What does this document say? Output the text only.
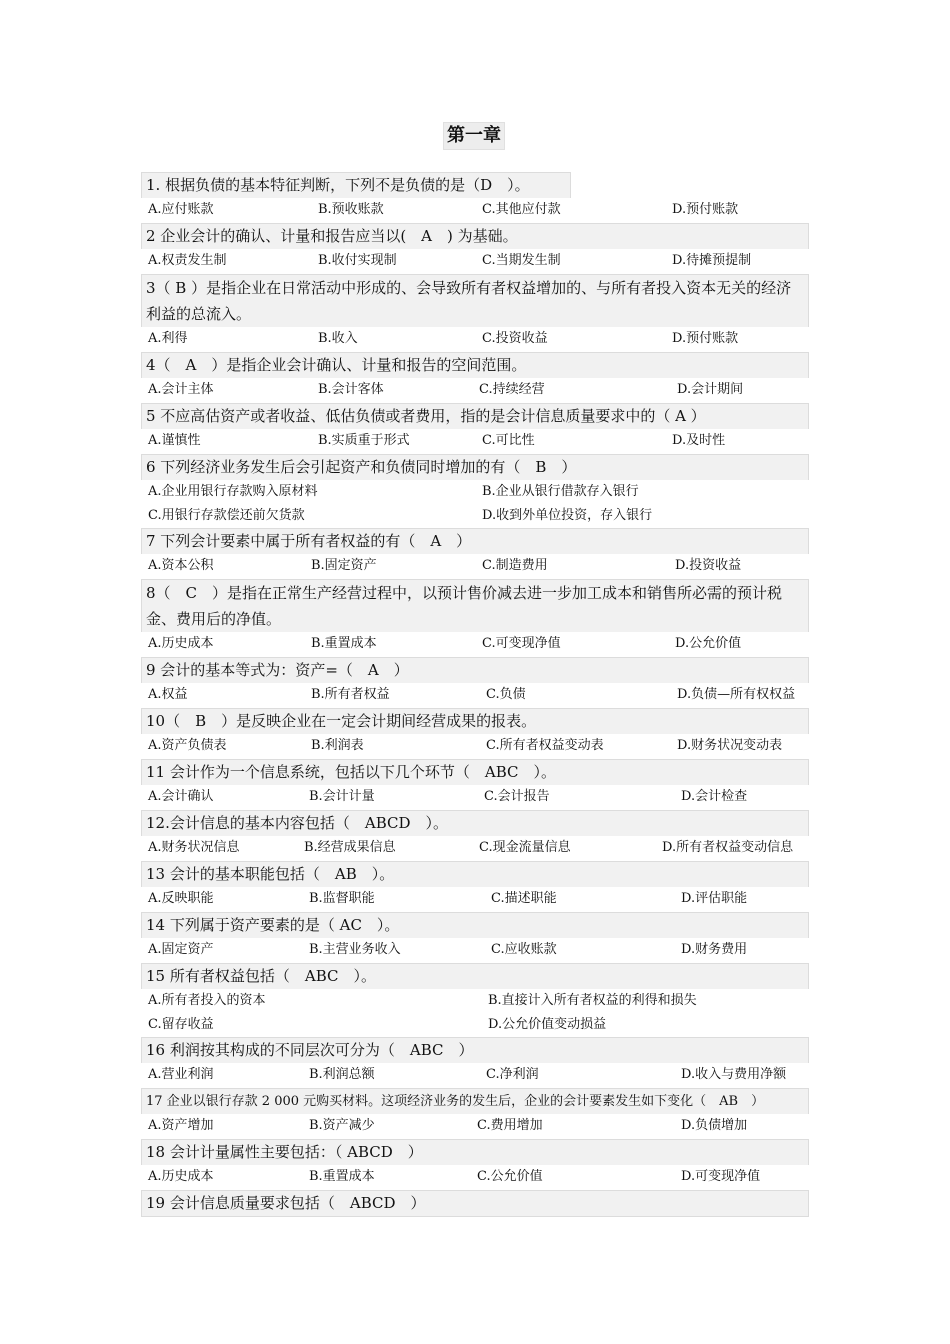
第一章
1. 根据负债的基本特征判断，下列不是负债的是（D　）。
A.应付账款	B.预收账款	C.其他应付款	D.预付账款
2 企业会计的确认、计量和报告应当以(　A　) 为基础。
A.权责发生制	B.收付实现制	C.当期发生制	D.待摊预提制
3（ B ）是指企业在日常活动中形成的、会导致所有者权益增加的、与所有者投入资本无关的经济利益的总流入。
A.利得	B.收入	C.投资收益	D.预付账款
4（　A　）是指企业会计确认、计量和报告的空间范围。
A.会计主体	B.会计客体	C.持续经营	D.会计期间
5 不应高估资产或者收益、低估负债或者费用，指的是会计信息质量要求中的（ A ）
A.谨慎性	B.实质重于形式	C.可比性	D.及时性
6 下列经济业务发生后会引起资产和负债同时增加的有（　B　）
A.企业用银行存款购入原材料	B.企业从银行借款存入银行
C.用银行存款偿还前欠货款	D.收到外单位投资，存入银行
7 下列会计要素中属于所有者权益的有（　A　）
A.资本公积	B.固定资产	C.制造费用	D.投资收益
8（　C　）是指在正常生产经营过程中，以预计售价减去进一步加工成本和销售所必需的预计税金、费用后的净值。
A.历史成本	B.重置成本	C.可变现净值	D.公允价值
9 会计的基本等式为：资产=（　A　）
A.权益	B.所有者权益	C.负债	D.负债—所有权权益
10（　B　）是反映企业在一定会计期间经营成果的报表。
A.资产负债表	B.利润表	C.所有者权益变动表	D.财务状况变动表
11 会计作为一个信息系统，包括以下几个环节（　ABC　）。
A.会计确认	B.会计计量	C.会计报告	D.会计检查
12.会计信息的基本内容包括（　ABCD　）。
A.财务状况信息	B.经营成果信息	C.现金流量信息	D.所有者权益变动信息
13 会计的基本职能包括（　AB　）。
A.反映职能	B.监督职能	C.描述职能	D.评估职能
14 下列属于资产要素的是（ AC　）。
A.固定资产	B.主营业务收入	C.应收账款	D.财务费用
15 所有者权益包括（　ABC　）。
A.所有者投入的资本	B.直接计入所有者权益的利得和损失
C.留存收益	D.公允价值变动损益
16 利润按其构成的不同层次可分为（　ABC　）
A.营业利润	B.利润总额	C.净利润	D.收入与费用净额
17 企业以银行存款 2 000 元购买材料。这项经济业务的发生后，企业的会计要素发生如下变化（　AB　）
A.资产增加	B.资产减少	C.费用增加	D.负债增加
18 会计计量属性主要包括：（ ABCD　）
A.历史成本	B.重置成本	C.公允价值	D.可变现净值
19 会计信息质量要求包括（　ABCD　）
